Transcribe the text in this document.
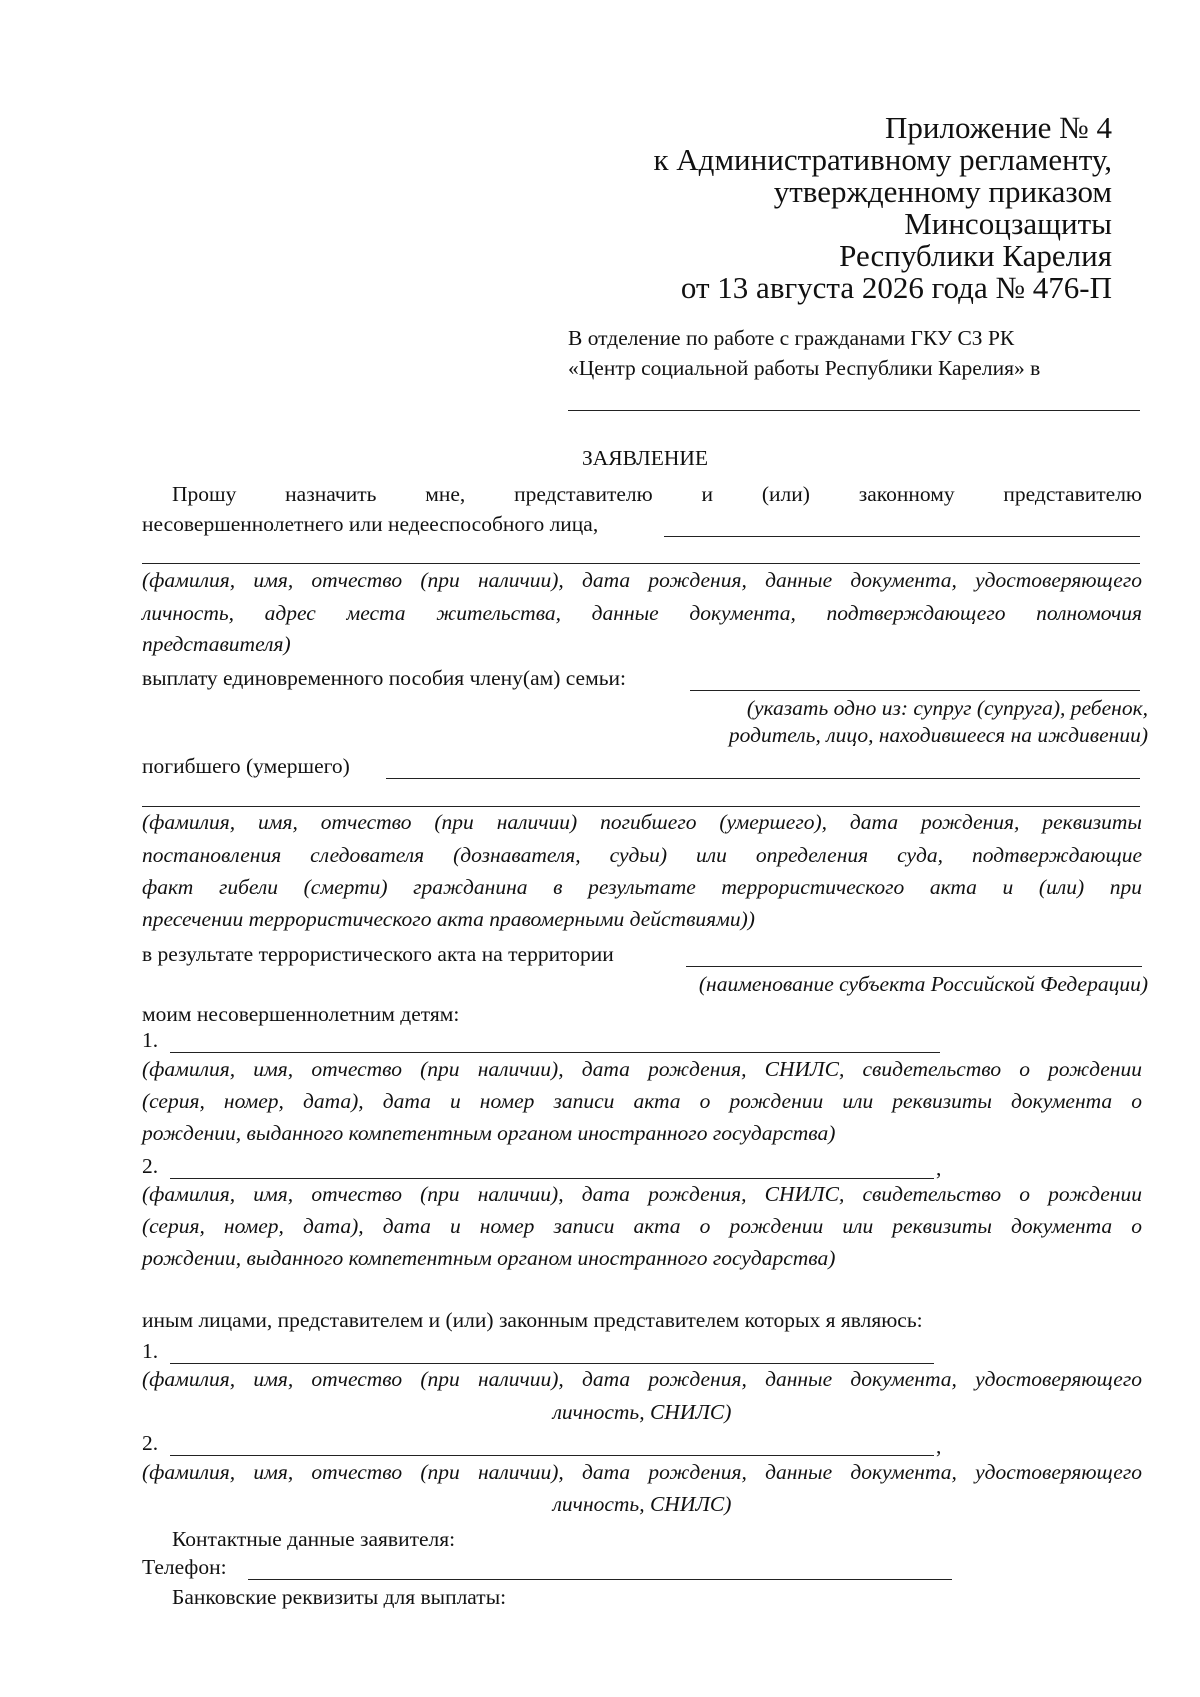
Приложение № 4
к Административному регламенту,
утвержденному приказом
Минсоцзащиты
Республики Карелия
от 13 августа 2026 года № 476-П
В отделение по работе с гражданами ГКУ СЗ РК
«Центр социальной работы Республики Карелия» в
ЗАЯВЛЕНИЕ
Прошу назначить мне, представителю и (или) законному представителю
несовершеннолетнего или недееспособного лица,
(фамилия, имя, отчество (при наличии), дата рождения, данные документа, удостоверяющего
личность, адрес места жительства, данные документа, подтверждающего полномочия
представителя)
выплату единовременного пособия члену(ам) семьи:
(указать одно из: супруг (супруга), ребенок,
родитель, лицо, находившееся на иждивении)
погибшего (умершего)
(фамилия, имя, отчество (при наличии) погибшего (умершего), дата рождения, реквизиты
постановления следователя (дознавателя, судьи) или определения суда, подтверждающие
факт гибели (смерти) гражданина в результате террористического акта и (или) при
пресечении террористического акта правомерными действиями))
в результате террористического акта на территории
(наименование субъекта Российской Федерации)
моим несовершеннолетним детям:
1.
(фамилия, имя, отчество (при наличии), дата рождения, СНИЛС, свидетельство о рождении
(серия, номер, дата), дата и номер записи акта о рождении или реквизиты документа о
рождении, выданного компетентным органом иностранного государства)
2.	,
(фамилия, имя, отчество (при наличии), дата рождения, СНИЛС, свидетельство о рождении
(серия, номер, дата), дата и номер записи акта о рождении или реквизиты документа о
рождении, выданного компетентным органом иностранного государства)
иным лицами, представителем и (или) законным представителем которых я являюсь:
1.
(фамилия, имя, отчество (при наличии), дата рождения, данные документа, удостоверяющего
личность, СНИЛС)
2.	,
(фамилия, имя, отчество (при наличии), дата рождения, данные документа, удостоверяющего
личность, СНИЛС)
Контактные данные заявителя:
Телефон:
Банковские реквизиты для выплаты:
